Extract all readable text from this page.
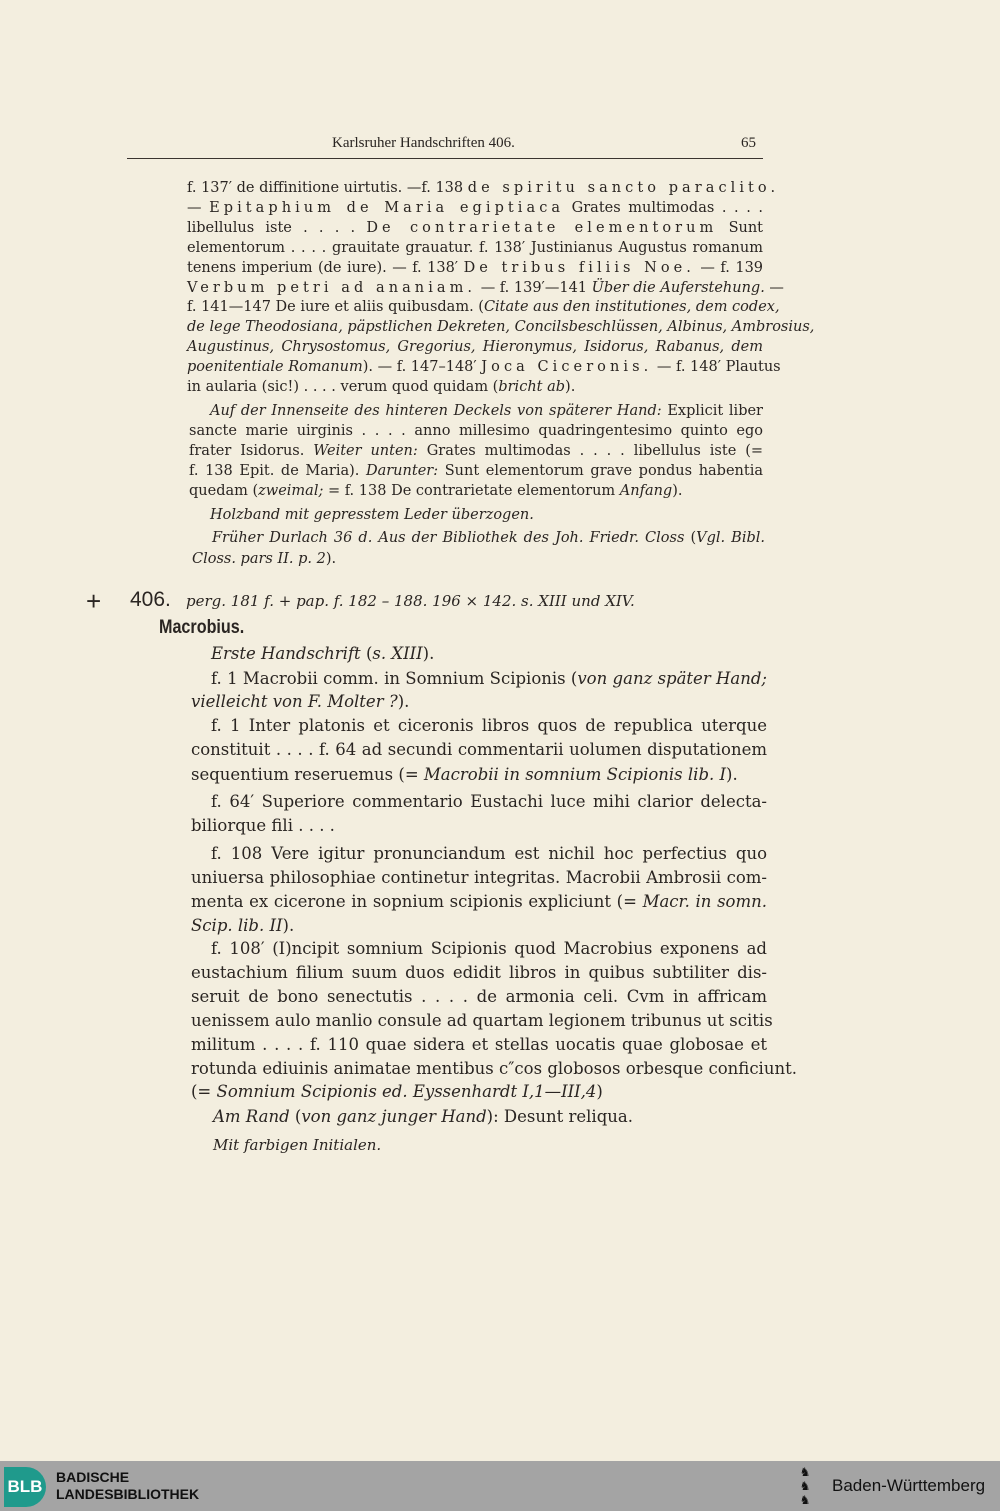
Karlsruher Handschriften 406.	65
f. 137′ de diffinitione uirtutis. —f. 138 de spiritu sancto paraclito.
— Epitaphium de Maria egiptiaca Grates multimodas . . . .
libellulus iste . . . . De contrarietate elementorum Sunt
elementorum . . . . grauitate grauatur. f. 138′ Justinianus Augustus romanum
tenens imperium (de iure). — f. 138′ De tribus filiis Noe. — f. 139
Verbum petri ad ananiam. — f. 139′—141 Über die Auferstehung. —
f. 141—147 De iure et aliis quibusdam. (Citate aus den institutiones, dem codex,
de lege Theodosiana, päpstlichen Dekreten, Concilsbeschlüssen, Albinus, Ambrosius,
Augustinus, Chrysostomus, Gregorius, Hieronymus, Isidorus, Rabanus, dem
poenitentiale Romanum). — f. 147–148′ Joca Ciceronis. — f. 148′ Plautus
in aularia (sic!) . . . . verum quod quidam (bricht ab).
Auf der Innenseite des hinteren Deckels von späterer Hand: Explicit liber
sancte marie uirginis . . . . anno millesimo quadringentesimo quinto ego
frater Isidorus. Weiter unten: Grates multimodas . . . . libellulus iste (=
f. 138 Epit. de Maria). Darunter: Sunt elementorum grave pondus habentia
quedam (zweimal; = f. 138 De contrarietate elementorum Anfang).
Holzband mit gepresstem Leder überzogen.
Früher Durlach 36 d. Aus der Bibliothek des Joh. Friedr. Closs (Vgl. Bibl.
Closs. pars II. p. 2).
+ 406. perg. 181 f. + pap. f. 182 – 188. 196 × 142. s. XIII und XIV.
Macrobius.
Erste Handschrift (s. XIII).
f. 1 Macrobii comm. in Somnium Scipionis (von ganz später Hand;
vielleicht von F. Molter ?).
f. 1 Inter platonis et ciceronis libros quos de republica uterque
constituit . . . . f. 64 ad secundi commentarii uolumen disputationem
sequentium reseruemus (= Macrobii in somnium Scipionis lib. I).
f. 64′ Superiore commentario Eustachi luce mihi clarior delecta-
biliorque fili . . . .
f. 108 Vere igitur pronunciandum est nichil hoc perfectius quo
uniuersa philosophiae continetur integritas. Macrobii Ambrosii com-
menta ex cicerone in sopnium scipionis expliciunt (= Macr. in somn.
Scip. lib. II).
f. 108′ (I)ncipit somnium Scipionis quod Macrobius exponens ad
eustachium filium suum duos edidit libros in quibus subtiliter dis-
seruit de bono senectutis . . . . de armonia celi. Cvm in affricam
uenissem aulo manlio consule ad quartam legionem tribunus ut scitis
militum . . . . f. 110 quae sidera et stellas uocatis quae globosae et
rotunda ediuinis animatae mentibus c″cos globosos orbesque conficiunt.
(= Somnium Scipionis ed. Eyssenhardt I,1—III,4)
Am Rand (von ganz junger Hand): Desunt reliqua.
Mit farbigen Initialen.
BLB BADISCHE
LANDESBIBLIOTHEK
♞
♞
♞
Baden-Württemberg
